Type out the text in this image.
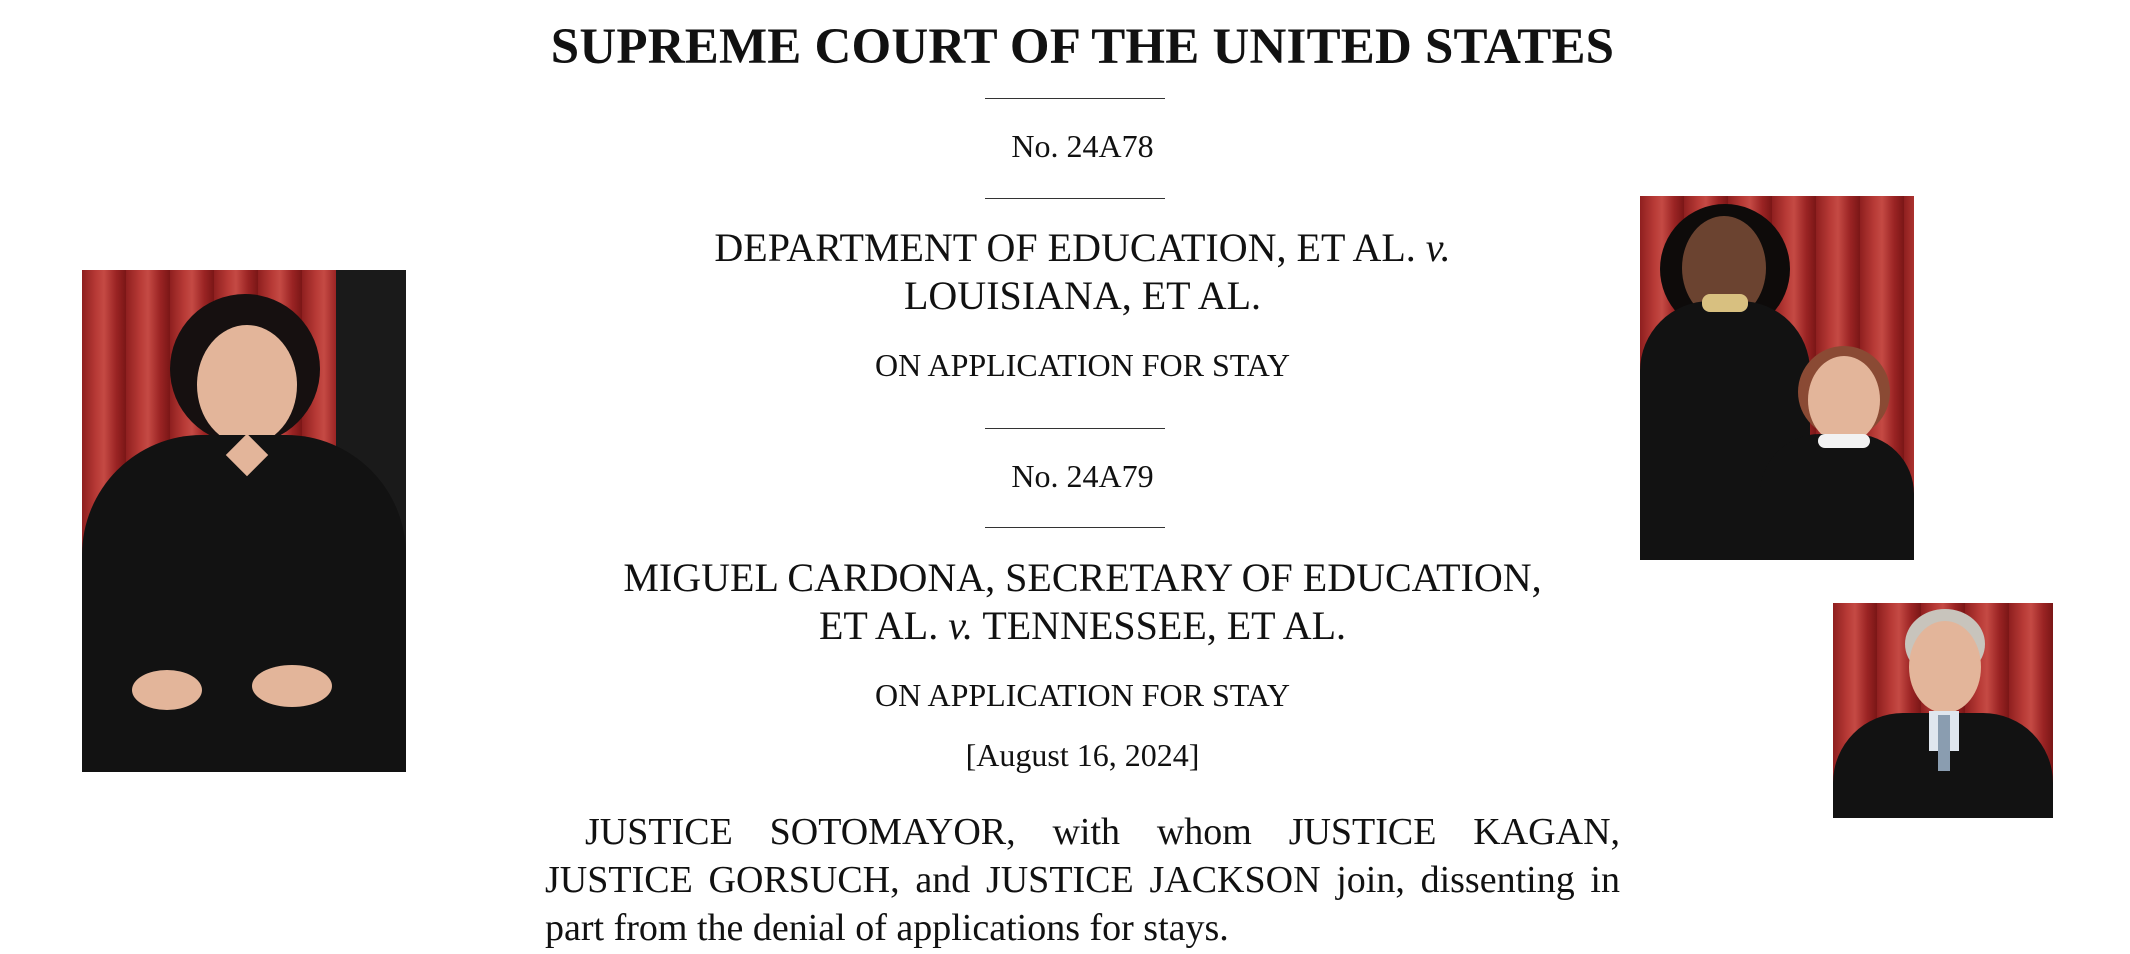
SUPREME COURT OF THE UNITED STATES
No. 24A78
DEPARTMENT OF EDUCATION, ET AL. v.
LOUISIANA, ET AL.
ON APPLICATION FOR STAY
No. 24A79
MIGUEL CARDONA, SECRETARY OF EDUCATION,
ET AL. v. TENNESSEE, ET AL.
ON APPLICATION FOR STAY
[August 16, 2024]
JUSTICE SOTOMAYOR, with whom JUSTICE KAGAN, JUSTICE GORSUCH, and JUSTICE JACKSON join, dissenting in part from the denial of applications for stays.
